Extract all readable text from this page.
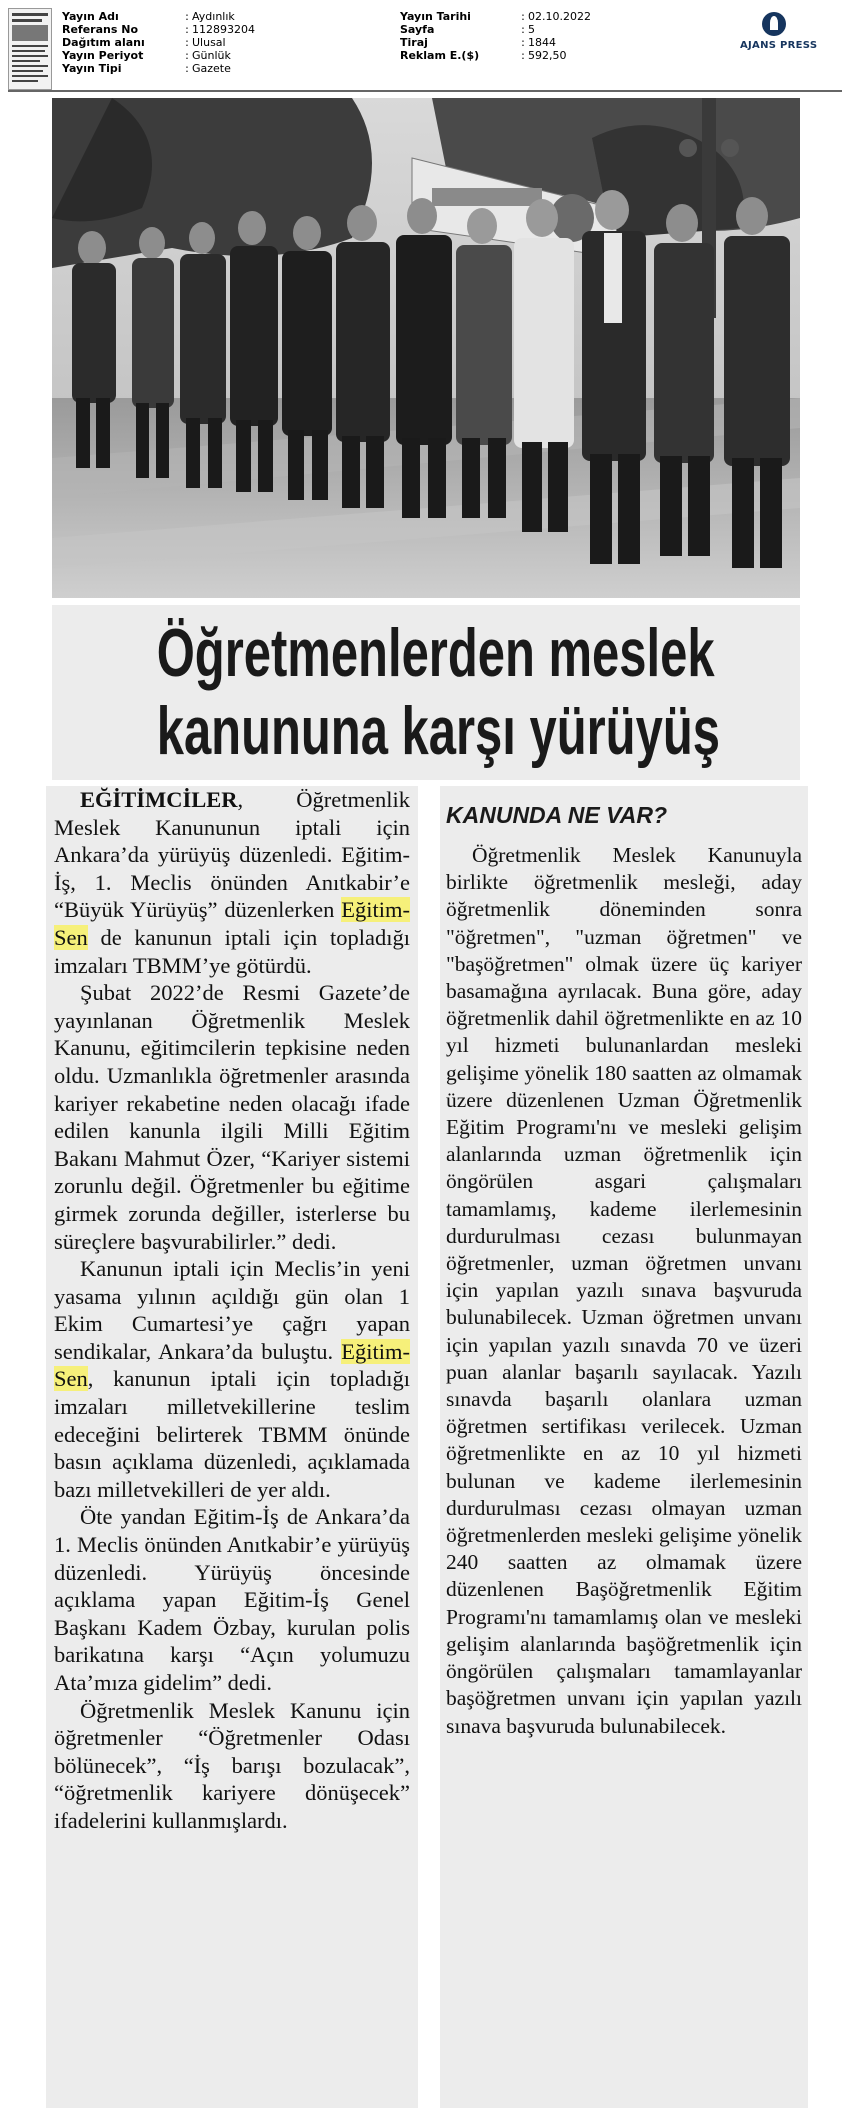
Yayın Adı	: Aydınlık
Referans No	: 112893204
Dağıtım alanı	: Ulusal
Yayın Periyot	: Günlük
Yayın Tipi	: Gazete
Yayın Tarihi	: 02.10.2022
Sayfa	: 5
Tiraj	: 1844
Reklam E.($)	: 592,50
AJANS PRESS
Öğretmenlerden meslek
kanununa karşı yürüyüş

EĞİTİMCİLER, Öğretmenlik Meslek Kanununun iptali için Ankara’da yürüyüş düzenledi. Eğitim-İş, 1. Meclis önünden Anıtkabir’e “Büyük Yürüyüş” düzenlerken Eğitim-Sen de kanunun iptali için topladığı imzaları TBMM’ye götürdü.

Şubat 2022’de Resmi Gazete’de yayınlanan Öğretmenlik Meslek Kanunu, eğitimcilerin tepkisine neden oldu. Uzmanlıkla öğretmenler arasında kariyer rekabetine neden olacağı ifade edilen kanunla ilgili Milli Eğitim Bakanı Mahmut Özer, “Kariyer sistemi zorunlu değil. Öğretmenler bu eğitime girmek zorunda değiller, isterlerse bu süreçlere başvurabilirler.” dedi.

Kanunun iptali için Meclis’in yeni yasama yılının açıldığı gün olan 1 Ekim Cumartesi’ye çağrı yapan sendikalar, Ankara’da buluştu. Eğitim-Sen, kanunun iptali için topladığı imzaları milletvekillerine teslim edeceğini belirterek TBMM önünde basın açıklama düzenledi, açıklamada bazı milletvekilleri de yer aldı.

Öte yandan Eğitim-İş de Ankara’da 1. Meclis önünden Anıtkabir’e yürüyüş düzenledi. Yürüyüş öncesinde açıklama yapan Eğitim-İş Genel Başkanı Kadem Özbay, kurulan polis barikatına karşı “Açın yolumuzu Ata’mıza gidelim” dedi.

Öğretmenlik Meslek Kanunu için öğretmenler “Öğretmenler Odası bölünecek”, “İş barışı bozulacak”, “öğretmenlik kariyere dönüşecek” ifadelerini kullanmışlardı.

KANUNDA NE VAR?

Öğretmenlik Meslek Kanunuyla birlikte öğretmenlik mesleği, aday öğretmenlik döneminden sonra "öğretmen", "uzman öğretmen" ve "başöğretmen" olmak üzere üç kariyer basamağına ayrılacak. Buna göre, aday öğretmenlik dahil öğretmenlikte en az 10 yıl hizmeti bulunanlardan mesleki gelişime yönelik 180 saatten az olmamak üzere düzenlenen Uzman Öğretmenlik Eğitim Programı'nı ve mesleki gelişim alanlarında uzman öğretmenlik için öngörülen asgari çalışmaları tamamlamış, kademe ilerlemesinin durdurulması cezası bulunmayan öğretmenler, uzman öğretmen unvanı için yapılan yazılı sınava başvuruda bulunabilecek. Uzman öğretmen unvanı için yapılan yazılı sınavda 70 ve üzeri puan alanlar başarılı sayılacak. Yazılı sınavda başarılı olanlara uzman öğretmen sertifikası verilecek. Uzman öğretmenlikte en az 10 yıl hizmeti bulunan ve kademe ilerlemesinin durdurulması cezası olmayan uzman öğretmenlerden mesleki gelişime yönelik 240 saatten az olmamak üzere düzenlenen Başöğretmenlik Eğitim Programı'nı tamamlamış olan ve mesleki gelişim alanlarında başöğretmenlik için öngörülen çalışmaları tamamlayanlar başöğretmen unvanı için yapılan yazılı sınava başvuruda bulunabilecek.
